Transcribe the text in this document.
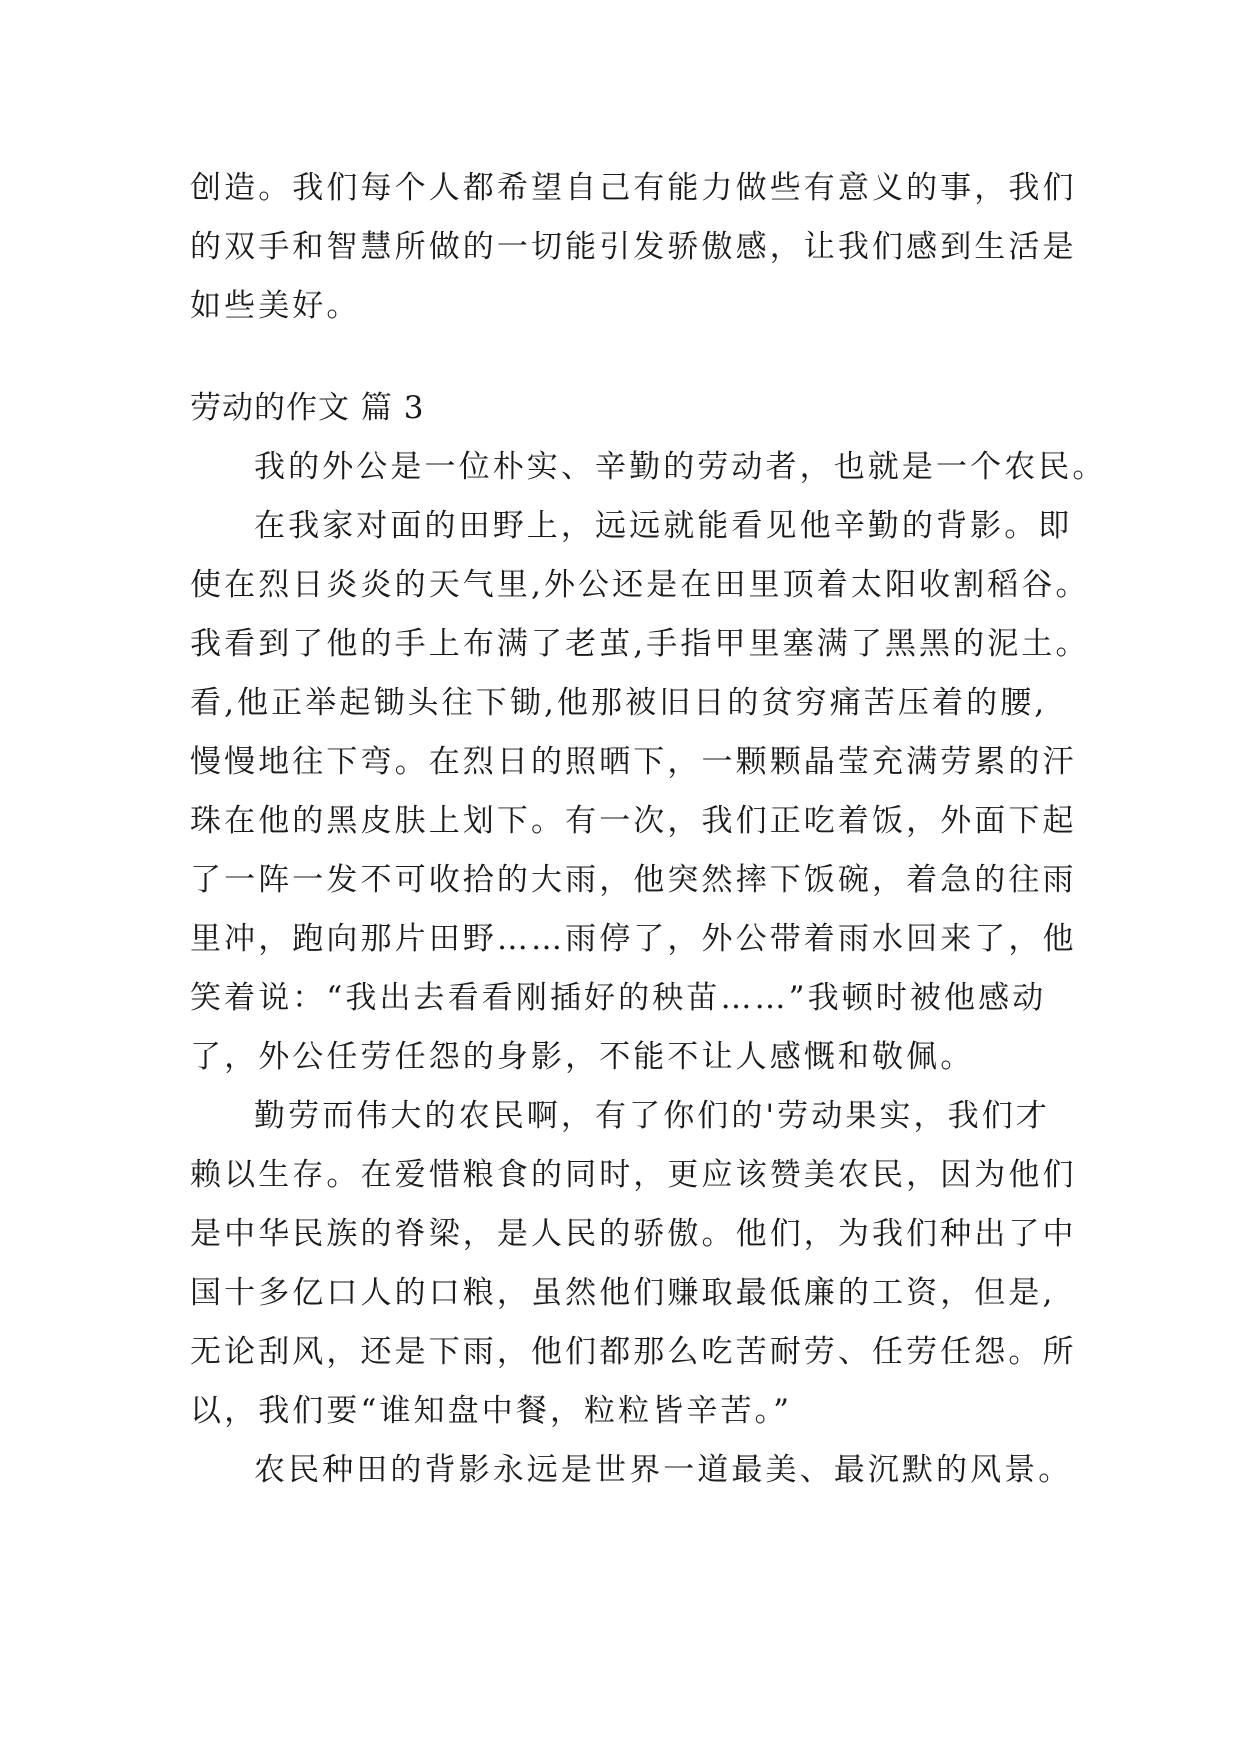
创造。我们每个人都希望自己有能力做些有意义的事，我们
的双手和智慧所做的一切能引发骄傲感，让我们感到生活是
如些美好。
劳动的作文 篇 3
我的外公是一位朴实、辛勤的劳动者，也就是一个农民。
在我家对面的田野上，远远就能看见他辛勤的背影。即
使在烈日炎炎的天气里,外公还是在田里顶着太阳收割稻谷。
我看到了他的手上布满了老茧,手指甲里塞满了黑黑的泥土。
看,他正举起锄头往下锄,他那被旧日的贫穷痛苦压着的腰,
慢慢地往下弯。在烈日的照晒下，一颗颗晶莹充满劳累的汗
珠在他的黑皮肤上划下。有一次，我们正吃着饭，外面下起
了一阵一发不可收拾的大雨，他突然摔下饭碗，着急的往雨
里冲，跑向那片田野……雨停了，外公带着雨水回来了，他
笑着说：“我出去看看刚插好的秧苗……”我顿时被他感动
了，外公任劳任怨的身影，不能不让人感慨和敬佩。
勤劳而伟大的农民啊，有了你们的'劳动果实，我们才
赖以生存。在爱惜粮食的同时，更应该赞美农民，因为他们
是中华民族的脊梁，是人民的骄傲。他们，为我们种出了中
国十多亿口人的口粮，虽然他们赚取最低廉的工资，但是,
无论刮风，还是下雨，他们都那么吃苦耐劳、任劳任怨。所
以，我们要“谁知盘中餐，粒粒皆辛苦。”
农民种田的背影永远是世界一道最美、最沉默的风景。
